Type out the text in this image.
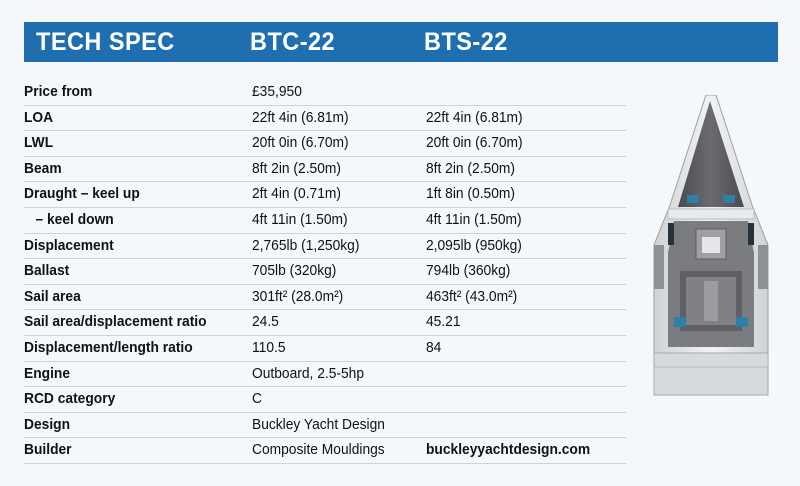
TECH SPEC	BTC-22	BTS-22
Price from	£35,950
LOA	22ft 4in (6.81m)	22ft 4in (6.81m)
LWL	20ft 0in (6.70m)	20ft 0in (6.70m)
Beam	8ft 2in (2.50m)	8ft 2in (2.50m)
Draught – keel up	2ft 4in (0.71m)	1ft 8in (0.50m)
– keel down	4ft 11in (1.50m)	4ft 11in (1.50m)
Displacement	2,765lb (1,250kg)	2,095lb (950kg)
Ballast	705lb (320kg)	794lb (360kg)
Sail area	301ft² (28.0m²)	463ft² (43.0m²)
Sail area/displacement ratio	24.5	45.21
Displacement/length ratio	110.5	84
Engine	Outboard, 2.5-5hp
RCD category	C
Design	Buckley Yacht Design
Builder	Composite Mouldings	buckleyyachtdesign.com
